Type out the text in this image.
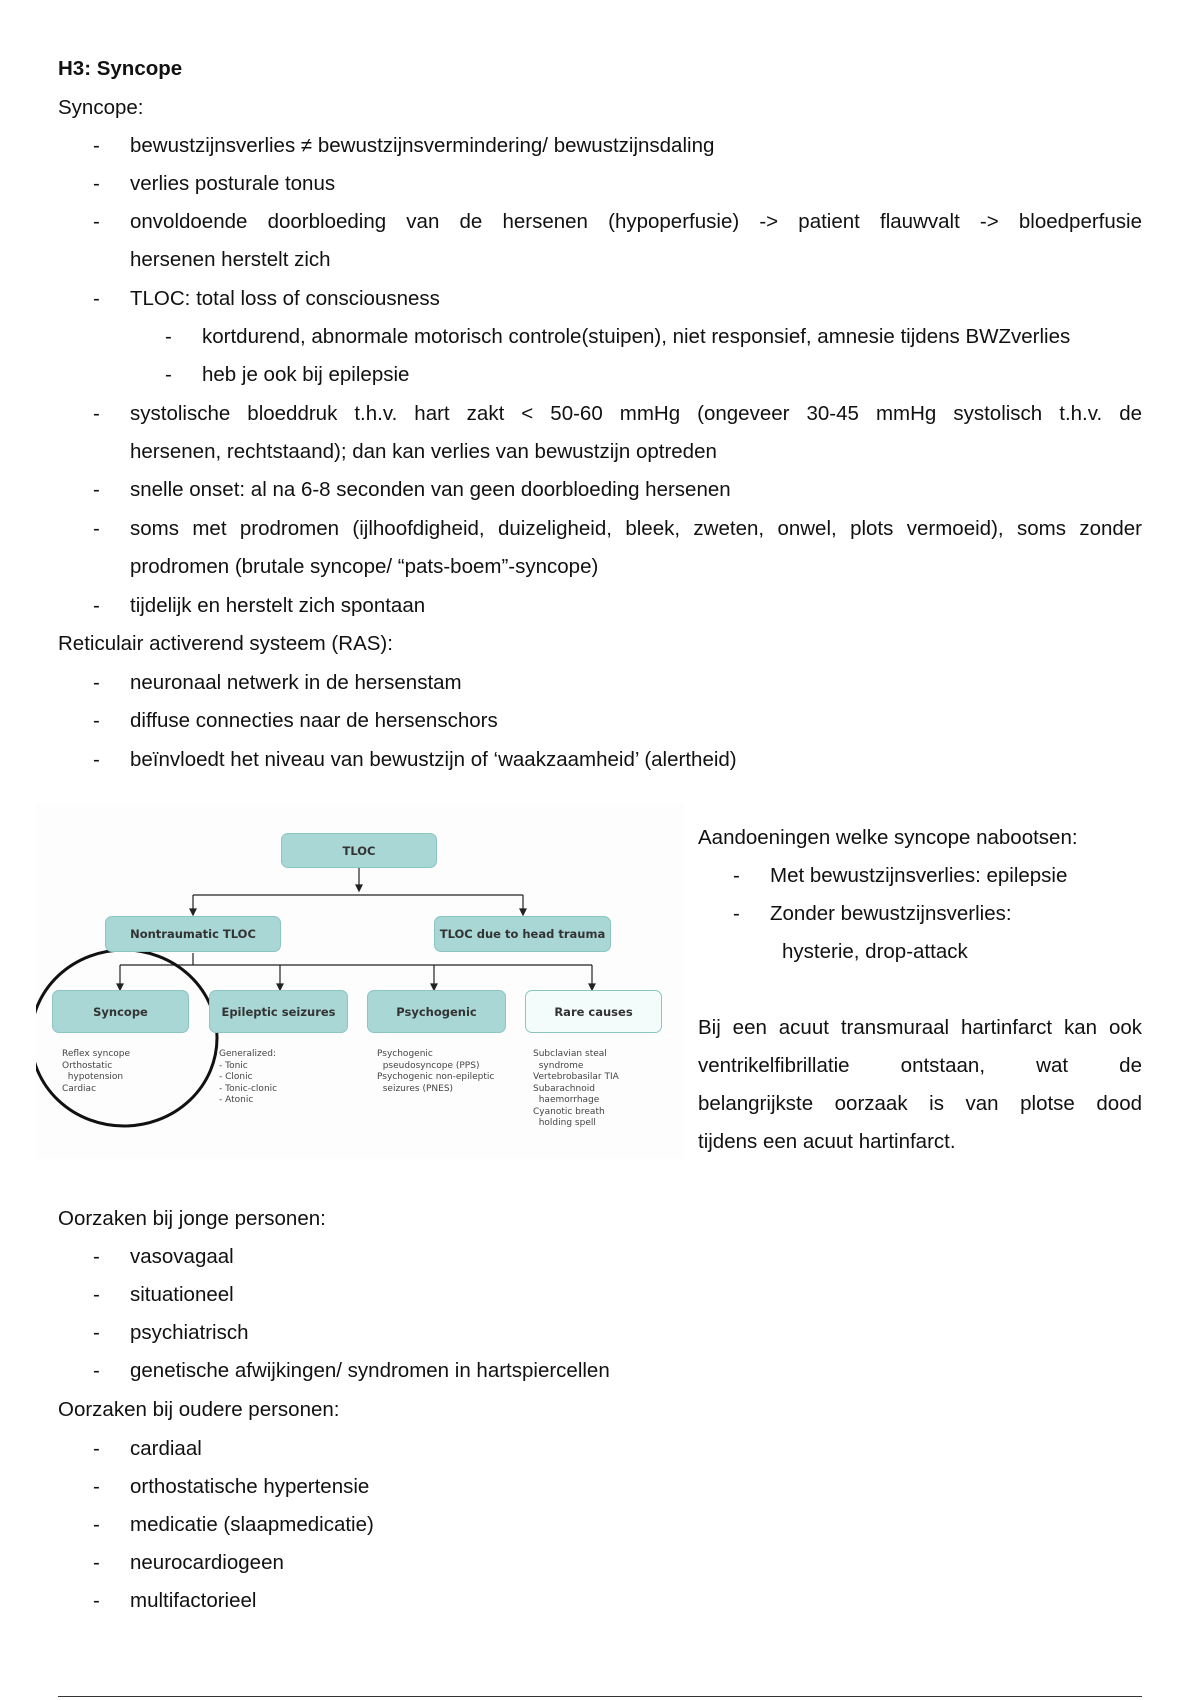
H3: Syncope
Syncope:
- bewustzijnsverlies ≠ bewustzijnsvermindering/ bewustzijnsdaling
- verlies posturale tonus
- onvoldoende doorbloeding van de hersenen (hypoperfusie) -> patient flauwvalt -> bloedperfusie
hersenen herstelt zich
- TLOC: total loss of consciousness
- kortdurend, abnormale motorisch controle(stuipen), niet responsief, amnesie tijdens BWZverlies
- heb je ook bij epilepsie
- systolische bloeddruk t.h.v. hart zakt < 50-60 mmHg (ongeveer 30-45 mmHg systolisch t.h.v. de
hersenen, rechtstaand); dan kan verlies van bewustzijn optreden
- snelle onset: al na 6-8 seconden van geen doorbloeding hersenen
- soms met prodromen (ijlhoofdigheid, duizeligheid, bleek, zweten, onwel, plots vermoeid), soms zonder
prodromen (brutale syncope/ “pats-boem”-syncope)
- tijdelijk en herstelt zich spontaan
Reticulair activerend systeem (RAS):
- neuronaal netwerk in de hersenstam
- diffuse connecties naar de hersenschors
- beïnvloedt het niveau van bewustzijn of ‘waakzaamheid’ (alertheid)
TLOC
Nontraumatic TLOC	TLOC due to head trauma
Syncope	Epileptic seizures	Psychogenic	Rare causes
Reflex syncope
Orthostatic
hypotension
Cardiac
Generalized:
- Tonic
- Clonic
- Tonic-clonic
- Atonic
Psychogenic
pseudosyncope (PPS)
Psychogenic non-epileptic
seizures (PNES)
Subclavian steal
syndrome
Vertebrobasilar TIA
Subarachnoid
haemorrhage
Cyanotic breath
holding spell
Aandoeningen welke syncope nabootsen:
- Met bewustzijnsverlies: epilepsie
- Zonder bewustzijnsverlies:
hysterie, drop-attack
Bij een acuut transmuraal hartinfarct kan ook
ventrikelfibrillatie ontstaan, wat de
belangrijkste oorzaak is van plotse dood
tijdens een acuut hartinfarct.
Oorzaken bij jonge personen:
- vasovagaal
- situationeel
- psychiatrisch
- genetische afwijkingen/ syndromen in hartspiercellen
Oorzaken bij oudere personen:
- cardiaal
- orthostatische hypertensie
- medicatie (slaapmedicatie)
- neurocardiogeen
- multifactorieel
